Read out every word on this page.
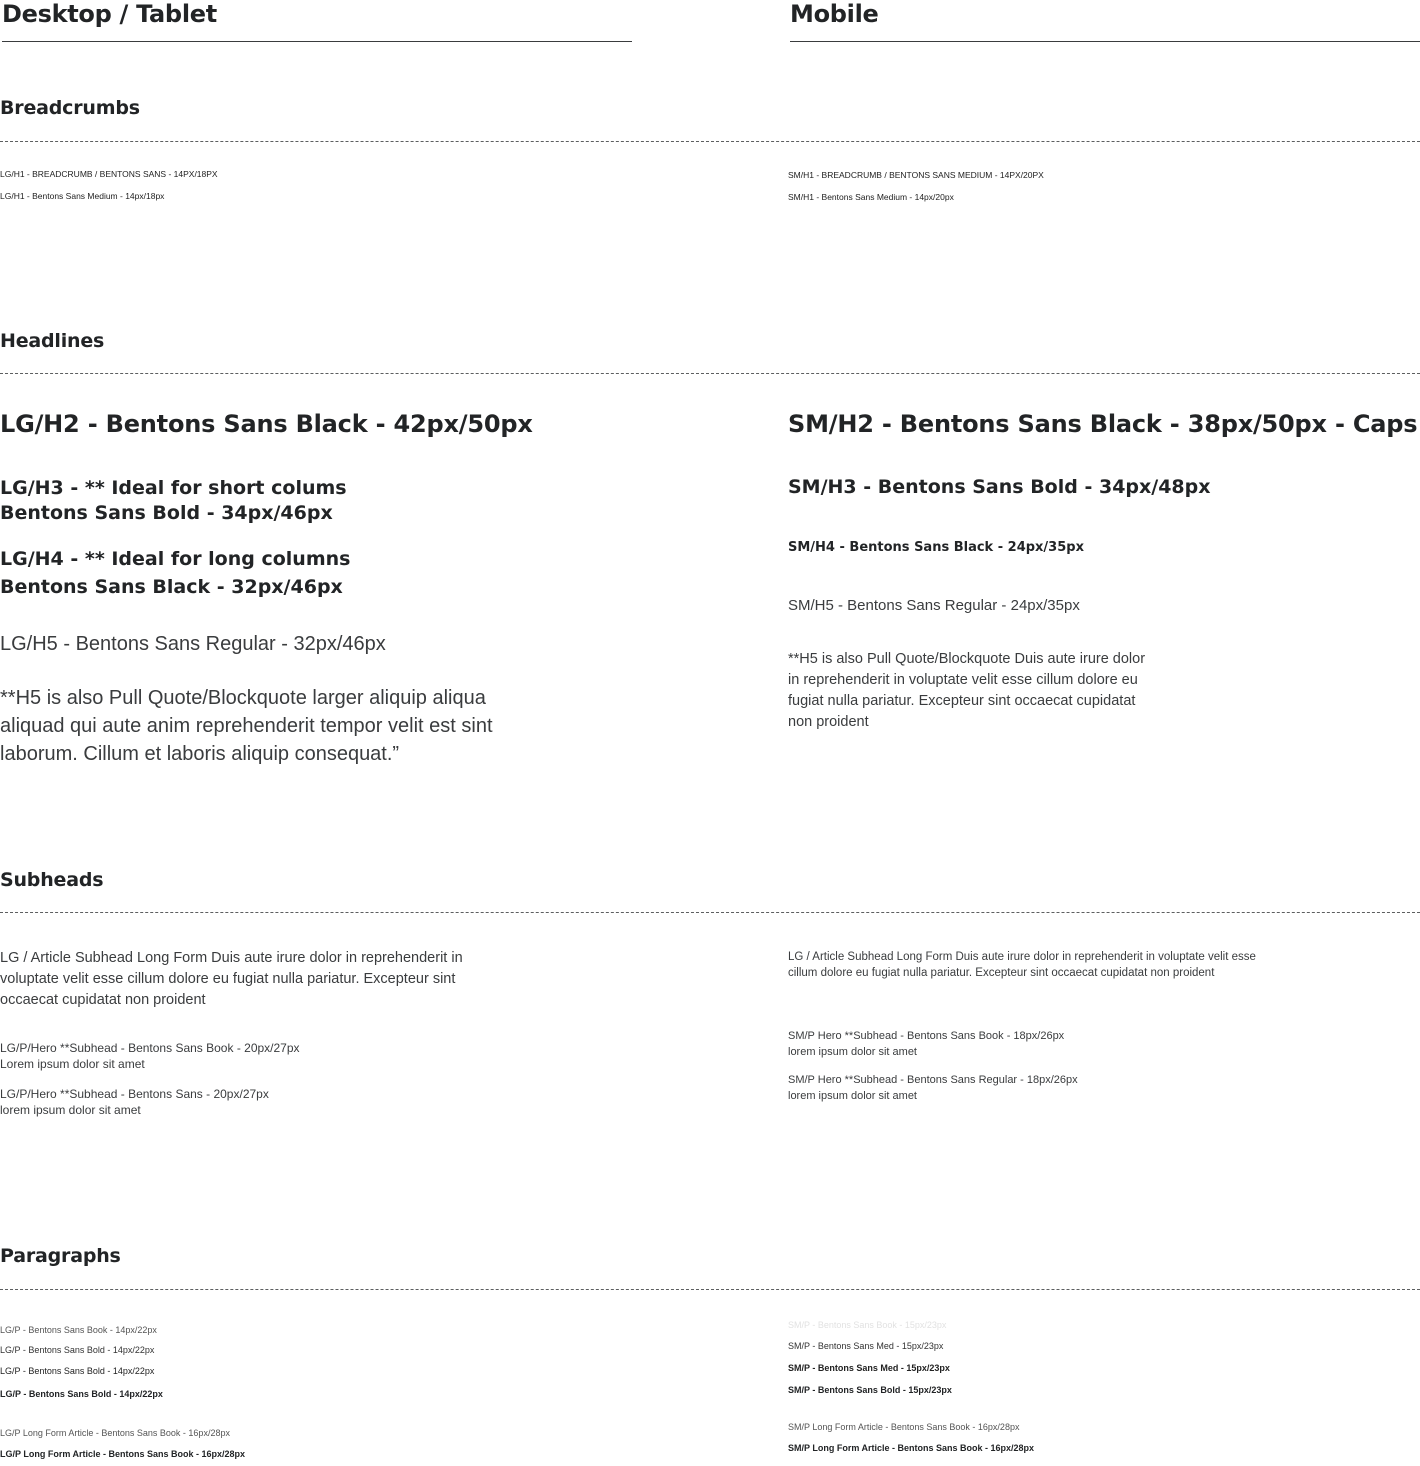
Desktop / Tablet	Mobile
Breadcrumbs
LG/H1 - BREADCRUMB / BENTONS SANS - 14PX/18PX
LG/H1 - Bentons Sans Medium - 14px/18px
SM/H1 - BREADCRUMB / BENTONS SANS MEDIUM - 14PX/20PX
SM/H1 - Bentons Sans Medium - 14px/20px
Headlines
LG/H2 - Bentons Sans Black - 42px/50px
LG/H3 - ** Ideal for short colums
Bentons Sans Bold - 34px/46px
LG/H4 - ** Ideal for long columns
Bentons Sans Black - 32px/46px
LG/H5 - Bentons Sans Regular - 32px/46px
**H5 is also Pull Quote/Blockquote larger aliquip aliqua aliquad qui aute anim reprehenderit tempor velit est sint laborum. Cillum et laboris aliquip consequat.”
SM/H2 - Bentons Sans Black - 38px/50px - Caps
SM/H3 - Bentons Sans Bold - 34px/48px
SM/H4 - Bentons Sans Black - 24px/35px
SM/H5 - Bentons Sans Regular - 24px/35px
**H5 is also Pull Quote/Blockquote Duis aute irure dolor in reprehenderit in voluptate velit esse cillum dolore eu fugiat nulla pariatur. Excepteur sint occaecat cupidatat non proident
Subheads
LG / Article Subhead Long Form Duis aute irure dolor in reprehenderit in voluptate velit esse cillum dolore eu fugiat nulla pariatur. Excepteur sint occaecat cupidatat non proident
LG/P/Hero **Subhead - Bentons Sans Book - 20px/27px
Lorem ipsum dolor sit amet
LG/P/Hero **Subhead - Bentons Sans - 20px/27px
lorem ipsum dolor sit amet
LG / Article Subhead Long Form Duis aute irure dolor in reprehenderit in voluptate velit esse cillum dolore eu fugiat nulla pariatur. Excepteur sint occaecat cupidatat non proident
SM/P Hero **Subhead - Bentons Sans Book - 18px/26px
lorem ipsum dolor sit amet
SM/P Hero **Subhead - Bentons Sans Regular - 18px/26px
lorem ipsum dolor sit amet
Paragraphs
LG/P - Bentons Sans Book - 14px/22px
LG/P - Bentons Sans Bold - 14px/22px
LG/P - Bentons Sans Bold - 14px/22px
LG/P - Bentons Sans Bold - 14px/22px
LG/P Long Form Article - Bentons Sans Book - 16px/28px
LG/P Long Form Article - Bentons Sans Book - 16px/28px
SM/P - Bentons Sans Book - 15px/23px
SM/P - Bentons Sans Med - 15px/23px
SM/P - Bentons Sans Med - 15px/23px
SM/P - Bentons Sans Bold - 15px/23px
SM/P Long Form Article - Bentons Sans Book - 16px/28px
SM/P Long Form Article - Bentons Sans Book - 16px/28px
